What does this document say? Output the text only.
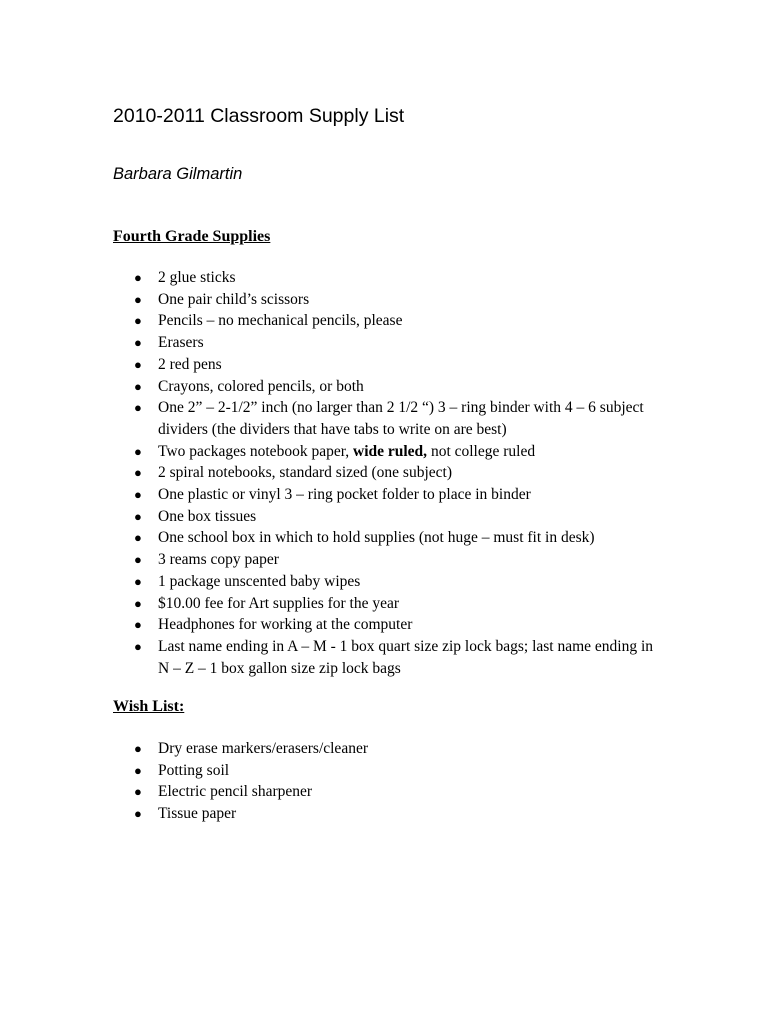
2010-2011 Classroom Supply List

Barbara Gilmartin

Fourth Grade Supplies
● 2 glue sticks
● One pair child’s scissors
● Pencils – no mechanical pencils, please
● Erasers
● 2 red pens
● Crayons, colored pencils, or both
● One 2” – 2-1/2” inch (no larger than 2 1/2 “) 3 – ring binder with 4 – 6 subject dividers (the dividers that have tabs to write on are best)
● Two packages notebook paper, wide ruled, not college ruled
● 2 spiral notebooks, standard sized (one subject)
● One plastic or vinyl 3 – ring pocket folder to place in binder
● One box tissues
● One school box in which to hold supplies (not huge – must fit in desk)
● 3 reams copy paper
● 1 package unscented baby wipes
● $10.00 fee for Art supplies for the year
● Headphones for working at the computer
● Last name ending in A – M - 1 box quart size zip lock bags; last name ending in N – Z – 1 box gallon size zip lock bags
Wish List:
● Dry erase markers/erasers/cleaner
● Potting soil
● Electric pencil sharpener
● Tissue paper
